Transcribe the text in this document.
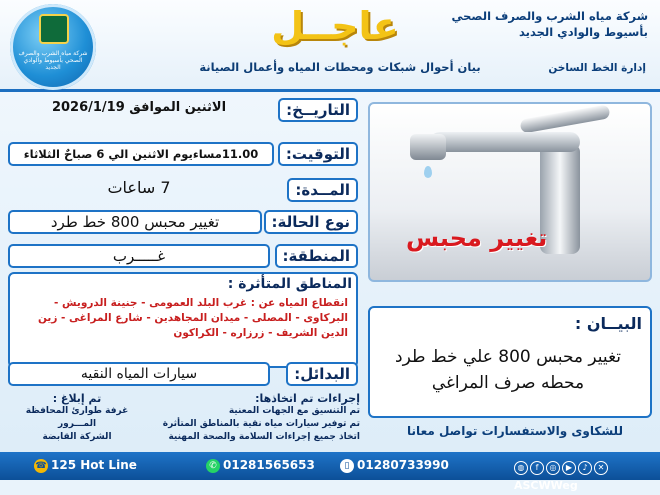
شركة مياه الشرب والصرف الصحي بأسيوط والوادي الجديد
عاجــل
بيان أحوال شبكات ومحطات المياه وأعمال الصيانة
شركة مياه الشرب والصرف الصحي
بأسيوط والوادي الجديد
إدارة الخط الساخن
التاريــخ:
الاثنين الموافق 2026/1/19
التوقيت:
11.00مساءيوم الاثنين الي 6 صباحٌ الثلاثاء
المــدة:
7 ساعات
نوع الحالة:
تغيير محبس 800 خط طرد
المنطقة:
غـــــرب
المناطق المتأثرة :
انقطاع المياه عن : غرب البلد العمومى - جنينة الدرويش - البركاوى - المصلى - ميدان المجاهدين - شارع المراغى - زين الدين الشريف - زرزاره - الكراكون
البدائل:
سيارات المياه النقيه
تغيير محبس
البيــان :
تغيير محبس 800 علي خط طرد محطه صرف المراغي
للشكاوى والاستفسارات تواصل معانا
إجراءات تم اتخاذها:
تم التنسيق مع الجهات المعنية
تم توفير سيارات مياه نقية بالمناطق المتأثرة
اتخاذ جميع إجراءات السلامة والصحة المهنية
تم إبلاغ :
غرفة طوارئ المحافظة
المـــرور
الشركة القابضة
☎ 125 Hot Line	✆ 01281565653	▯ 01280733990	◍ f ◎ ▶ ♪ ✕ ASCWWeg
